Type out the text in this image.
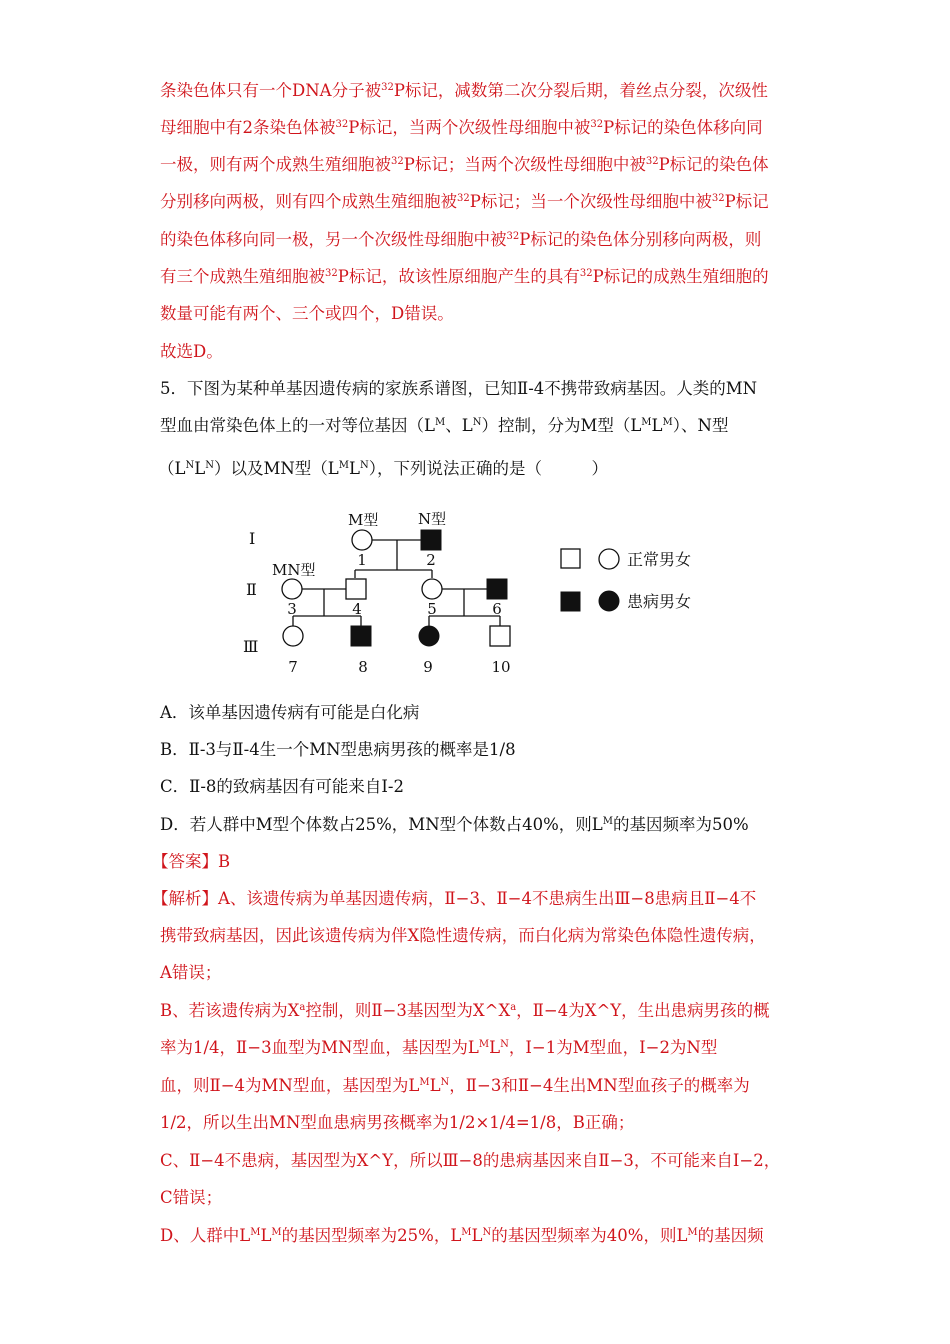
条染色体只有一个DNA分子被$^{32}$P标记，减数第二次分裂后期，着丝点分裂，次级性
母细胞中有2条染色体被$^{32}$P标记，当两个次级性母细胞中被$^{32}$P标记的染色体移向同
一极，则有两个成熟生殖细胞被$^{32}$P标记；当两个次级性母细胞中被$^{32}$P标记的染色体
分别移向两极，则有四个成熟生殖细胞被$^{32}$P标记；当一个次级性母细胞中被$^{32}$P标记
的染色体移向同一极，另一个次级性母细胞中被$^{32}$P标记的染色体分别移向两极，则
有三个成熟生殖细胞被$^{32}$P标记，故该性原细胞产生的具有$^{32}$P标记的成熟生殖细胞的
数量可能有两个、三个或四个，D错误。
故选D。
5．下图为某种单基因遗传病的家族系谱图，已知Ⅱ-4不携带致病基因。人类的MN
型血由常染色体上的一对等位基因（$L^M$、$L^N$）控制，分为M型$(L^ML^M)$、N型
$(L^NL^N)$以及MN型$(L^ML^N)$，下列说法正确的是（　　　）
Ⅰ
Ⅱ
Ⅲ
M型	N型
MN型
1	2
3	4	5	6
7	8	9	10
正常男女
患病男女
A．该单基因遗传病有可能是白化病
B．Ⅱ-3与Ⅱ-4生一个MN型患病男孩的概率是1/8
C．Ⅱ-8的致病基因有可能来自I-2
D．若人群中M型个体数占25%，MN型个体数占40%，则$L^M$的基因频率为50%
【答案】B
【解析】A、该遗传病为单基因遗传病，Ⅱ−3、Ⅱ−4不患病生出Ⅲ−8患病且Ⅱ−4不
携带致病基因，因此该遗传病为伴X隐性遗传病，而白化病为常染色体隐性遗传病，
A错误；
B、若该遗传病为$X^a$控制，则Ⅱ−3基因型为$X\^{}X^a$，Ⅱ−4为X^Y，生出患病男孩的概
率为1/4，Ⅱ−3血型为MN型血，基因型为$L^ML^N$，Ⅰ−1为M型血，Ⅰ−2为N型
血，则Ⅱ−4为MN型血，基因型为$L^ML^N$，Ⅱ−3和Ⅱ−4生出MN型血孩子的概率为
1/2，所以生出MN型血患病男孩概率为1/2×1/4=1/8，B正确；
C、Ⅱ−4不患病，基因型为X^Y，所以Ⅲ−8的患病基因来自Ⅱ−3，不可能来自Ⅰ−2，
C错误；
D、人群中$L^ML^M$的基因型频率为25%，$L^ML^N$的基因型频率为40%，则$L^M$的基因频
